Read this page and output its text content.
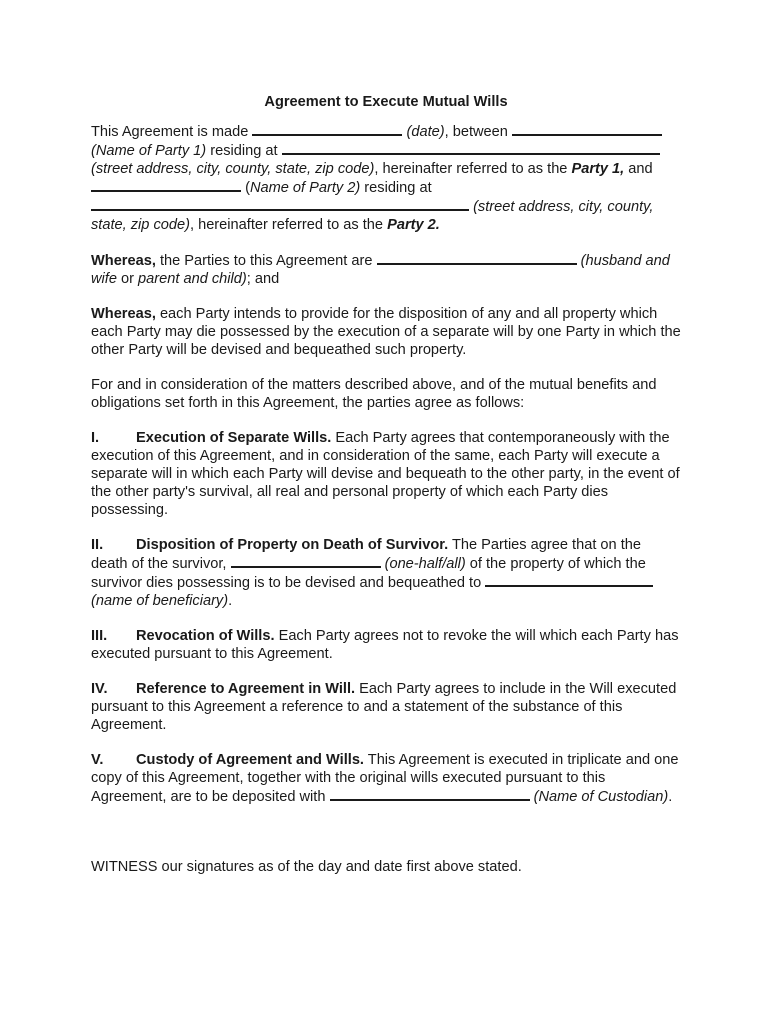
Agreement to Execute Mutual Wills

This Agreement is made	(date), between
(Name of Party 1) residing at
(street address, city, county, state, zip code), hereinafter referred to as the Party 1, and
(Name of Party 2) residing at
(street address, city, county, state, zip code), hereinafter referred to as the Party 2.

Whereas, the Parties to this Agreement are	(husband and wife or parent and child); and

Whereas, each Party intends to provide for the disposition of any and all property which each Party may die possessed by the execution of a separate will by one Party in which the other Party will be devised and bequeathed such property.

For and in consideration of the matters described above, and of the mutual benefits and obligations set forth in this Agreement, the parties agree as follows:

I.	Execution of Separate Wills. Each Party agrees that contemporaneously with the execution of this Agreement, and in consideration of the same, each Party will execute a separate will in which each Party will devise and bequeath to the other party, in the event of the other party's survival, all real and personal property of which each Party dies possessing.

II. Disposition of Property on Death of Survivor. The Parties agree that on the death of the survivor,	(one-half/all) of the property of which the survivor dies possessing is to be devised and bequeathed to  (name of beneficiary).

III. Revocation of Wills. Each Party agrees not to revoke the will which each Party has executed pursuant to this Agreement.

IV. Reference to Agreement in Will. Each Party agrees to include in the Will executed pursuant to this Agreement a reference to and a statement of the substance of this Agreement.

V. Custody of Agreement and Wills. This Agreement is executed in triplicate and one copy of this Agreement, together with the original wills executed pursuant to this Agreement, are to be deposited with	(Name of Custodian).

WITNESS our signatures as of the day and date first above stated.
